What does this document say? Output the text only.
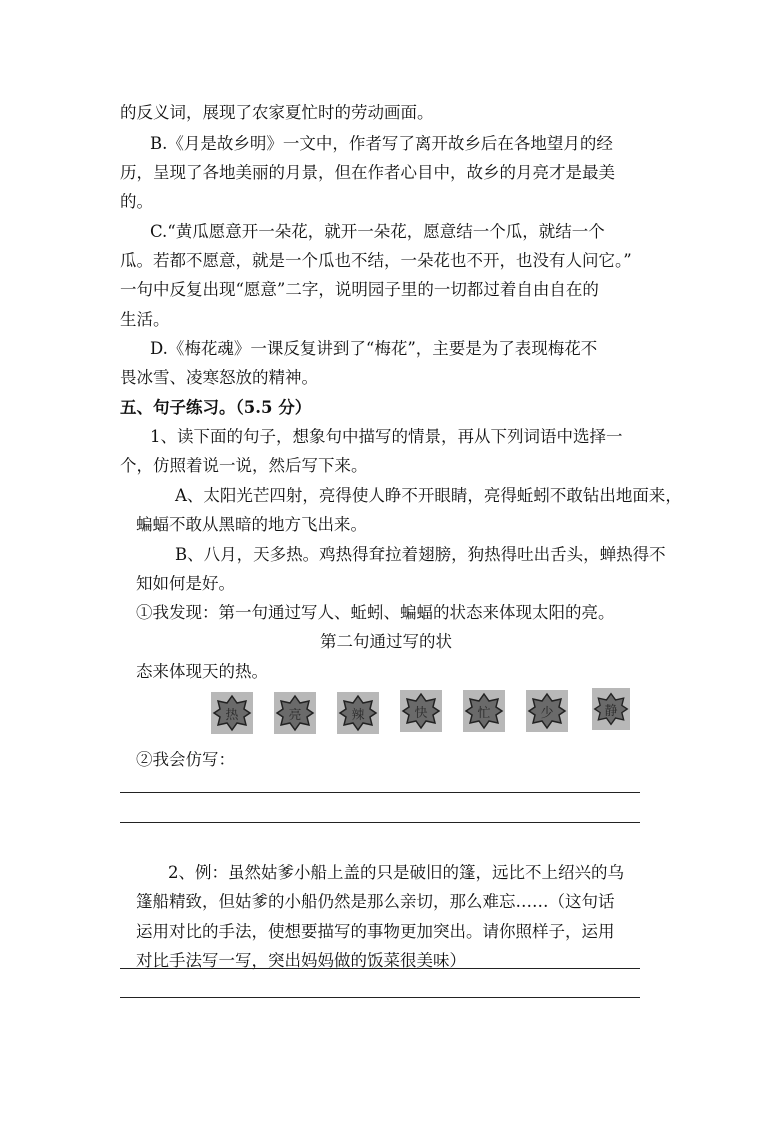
的反义词，展现了农家夏忙时的劳动画面。
B.《月是故乡明》一文中，作者写了离开故乡后在各地望月的经
历，呈现了各地美丽的月景，但在作者心目中，故乡的月亮才是最美
的。
C.“黄瓜愿意开一朵花，就开一朵花，愿意结一个瓜，就结一个
瓜。若都不愿意，就是一个瓜也不结，一朵花也不开，也没有人问它。”
一句中反复出现“愿意”二字，说明园子里的一切都过着自由自在的
生活。
D.《梅花魂》一课反复讲到了“梅花”，主要是为了表现梅花不
畏冰雪、凌寒怒放的精神。
五、句子练习。（5.5 分）
1、读下面的句子，想象句中描写的情景，再从下列词语中选择一
个，仿照着说一说，然后写下来。
A、太阳光芒四射，亮得使人睁不开眼睛，亮得蚯蚓不敢钻出地面来，
蝙蝠不敢从黑暗的地方飞出来。
B、八月，天多热。鸡热得耷拉着翅膀，狗热得吐出舌头，蝉热得不
知如何是好。
①我发现：第一句通过写人、蚯蚓、蝙蝠的状态来体现太阳的亮。
第二句通过写的状
态来体现天的热。
热	亮	辣	快	忙	少	静
②我会仿写：
2、例：虽然姑爹小船上盖的只是破旧的篷，远比不上绍兴的乌
篷船精致，但姑爹的小船仍然是那么亲切，那么难忘……（这句话
运用对比的手法，使想要描写的事物更加突出。请你照样子，运用
对比手法写一写，突出妈妈做的饭菜很美味）
